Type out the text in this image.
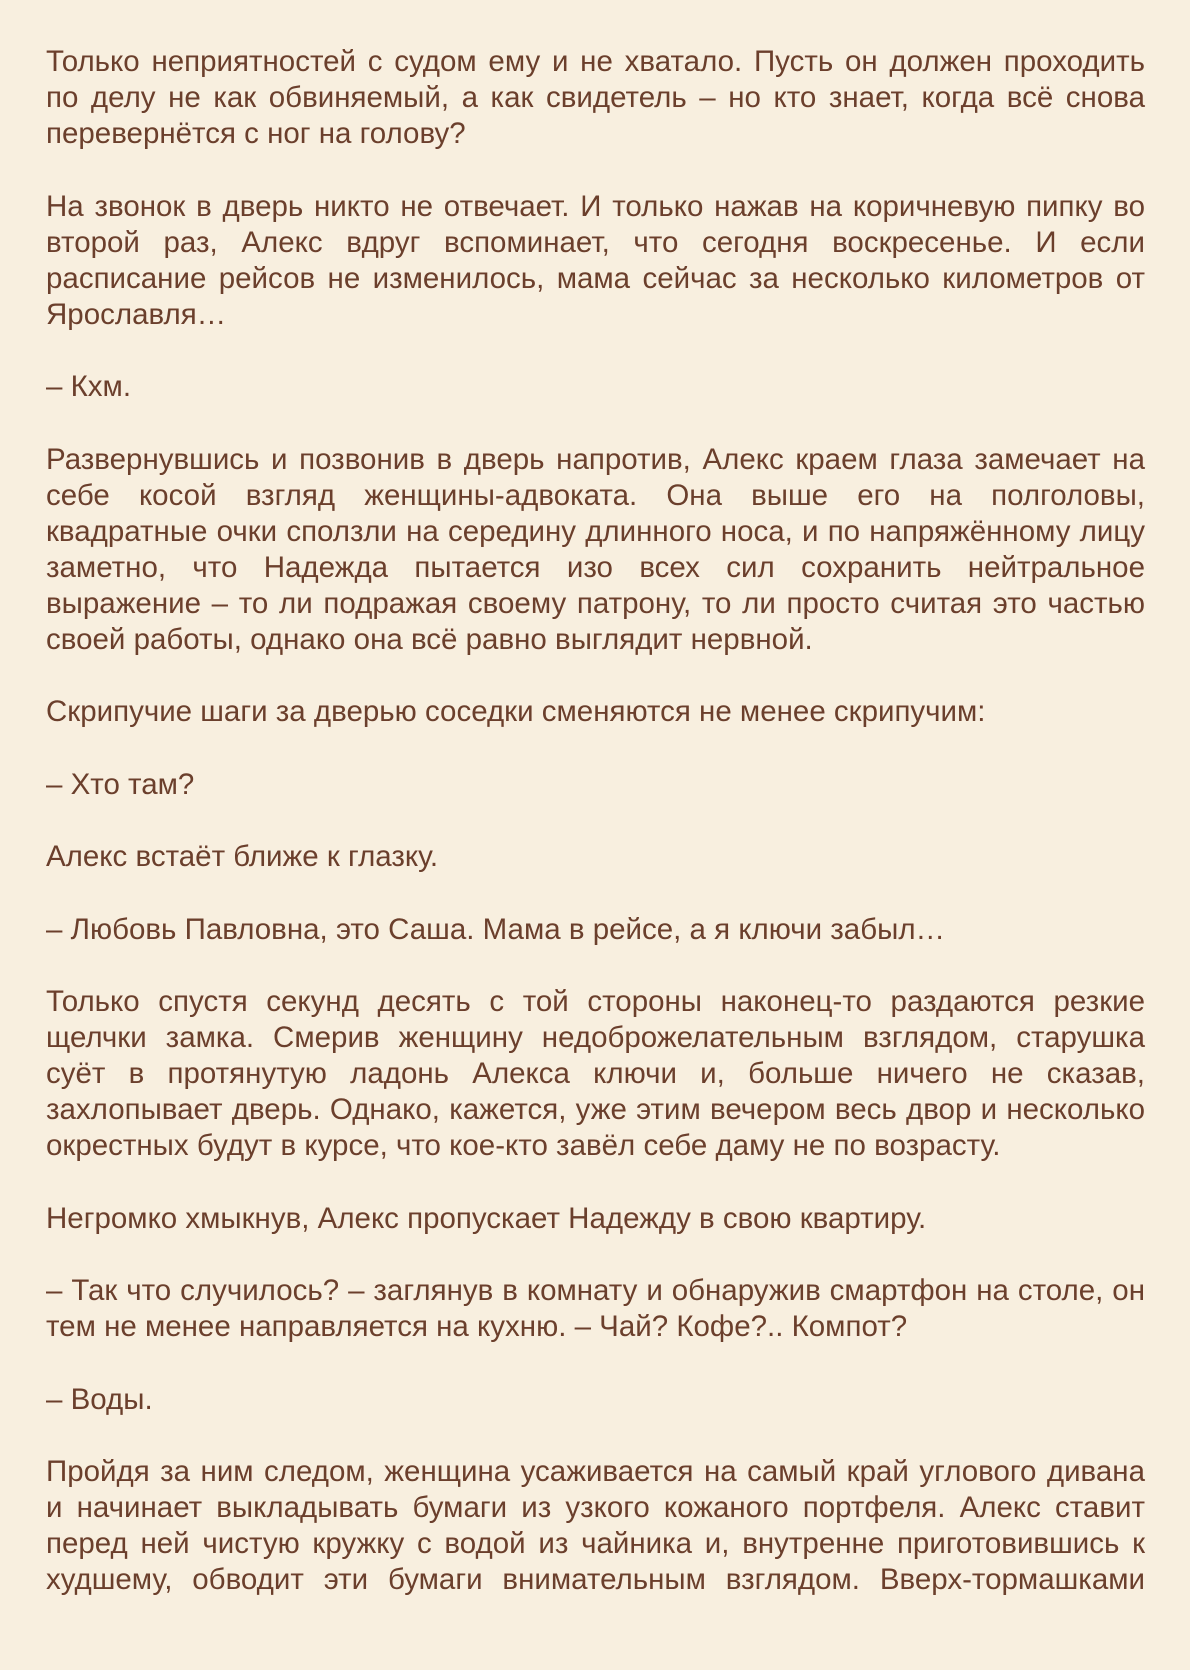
Только неприятностей с судом ему и не хватало. Пусть он должен проходить по делу не как обвиняемый, а как свидетель – но кто знает, когда всё снова перевернётся с ног на голову?

На звонок в дверь никто не отвечает. И только нажав на коричневую пипку во второй раз, Алекс вдруг вспоминает, что сегодня воскресенье. И если расписание рейсов не изменилось, мама сейчас за несколько километров от Ярославля…

– Кхм.

Развернувшись и позвонив в дверь напротив, Алекс краем глаза замечает на себе косой взгляд женщины-адвоката. Она выше его на полголовы, квадратные очки сползли на середину длинного носа, и по напряжённому лицу заметно, что Надежда пытается изо всех сил сохранить нейтральное выражение – то ли подражая своему патрону, то ли просто считая это частью своей работы, однако она всё равно выглядит нервной.

Скрипучие шаги за дверью соседки сменяются не менее скрипучим:

– Хто там?

Алекс встаёт ближе к глазку.

– Любовь Павловна, это Саша. Мама в рейсе, а я ключи забыл…

Только спустя секунд десять с той стороны наконец-то раздаются резкие щелчки замка. Смерив женщину недоброжелательным взглядом, старушка суёт в протянутую ладонь Алекса ключи и, больше ничего не сказав, захлопывает дверь. Однако, кажется, уже этим вечером весь двор и несколько окрестных будут в курсе, что кое-кто завёл себе даму не по возрасту.

Негромко хмыкнув, Алекс пропускает Надежду в свою квартиру.

– Так что случилось? – заглянув в комнату и обнаружив смартфон на столе, он тем не менее направляется на кухню. – Чай? Кофе?.. Компот?

– Воды.

Пройдя за ним следом, женщина усаживается на самый край углового дивана и начинает выкладывать бумаги из узкого кожаного портфеля. Алекс ставит перед ней чистую кружку с водой из чайника и, внутренне приготовившись к худшему, обводит эти бумаги внимательным взглядом. Вверх-тормашками
